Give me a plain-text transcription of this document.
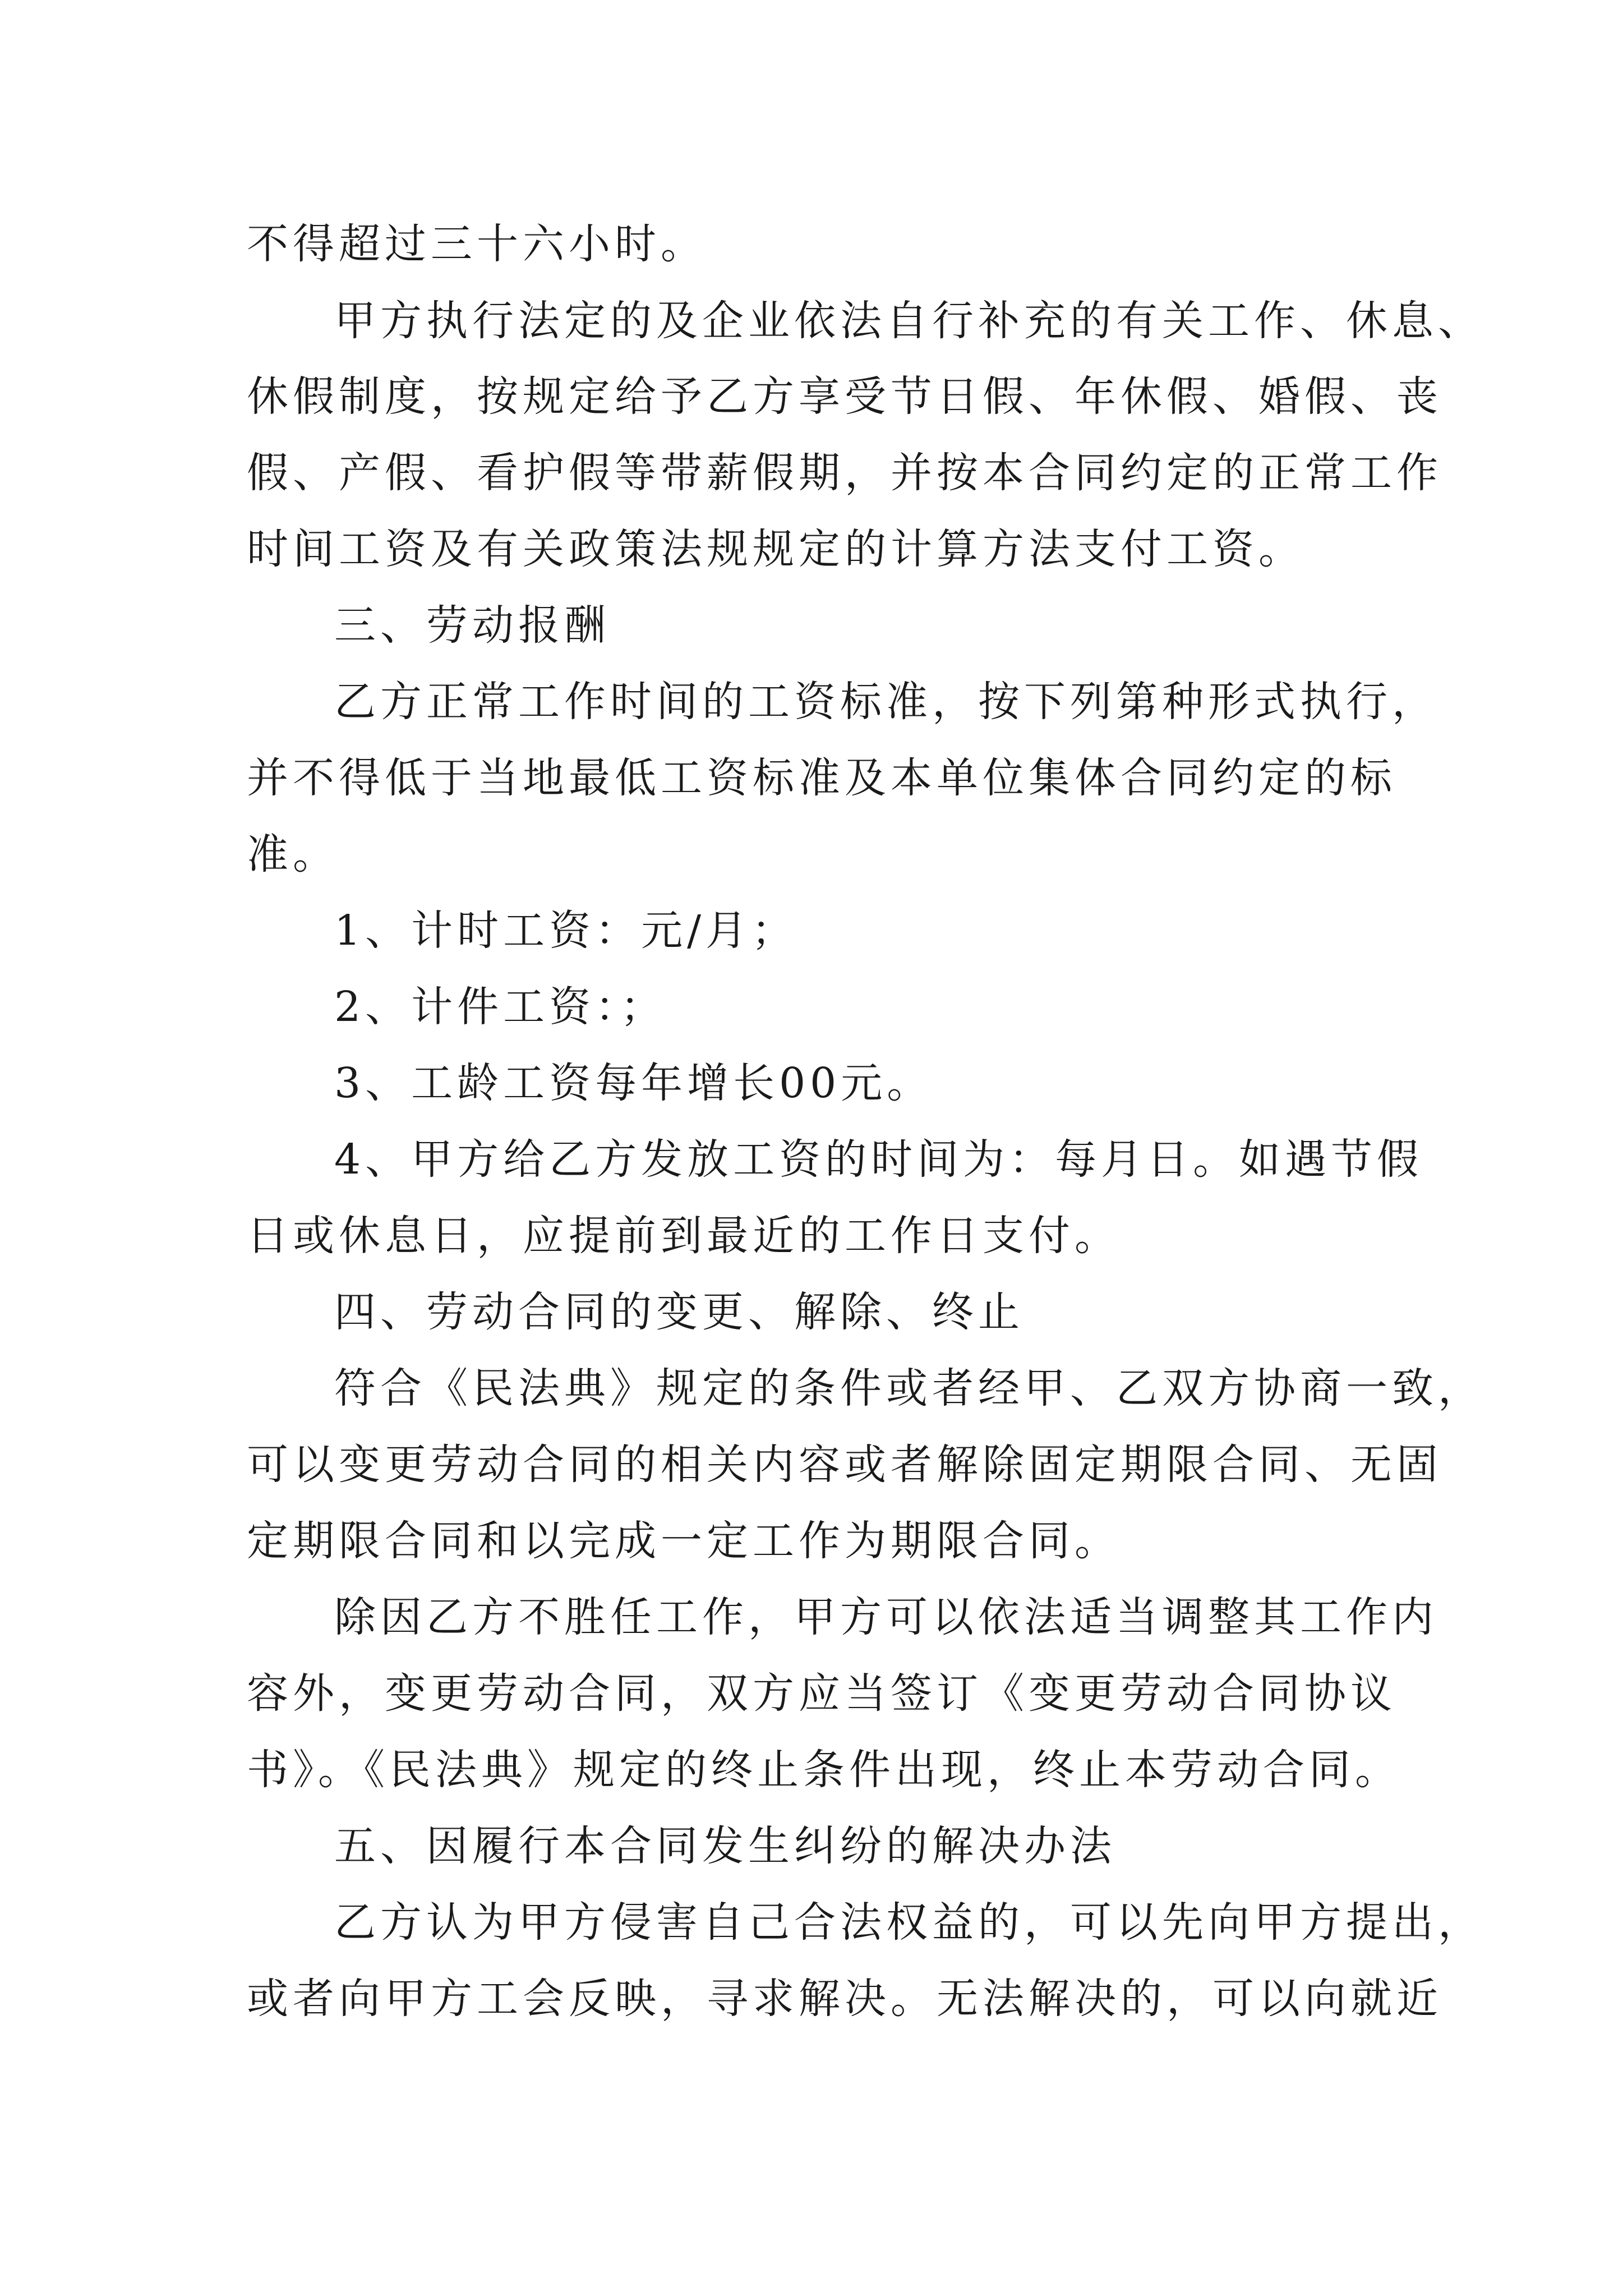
不得超过三十六小时。
甲方执行法定的及企业依法自行补充的有关工作、休息、
休假制度，按规定给予乙方享受节日假、年休假、婚假、丧
假、产假、看护假等带薪假期，并按本合同约定的正常工作
时间工资及有关政策法规规定的计算方法支付工资。
三、劳动报酬
乙方正常工作时间的工资标准，按下列第种形式执行，
并不得低于当地最低工资标准及本单位集体合同约定的标
准。
1、计时工资：元/月；
2、计件工资：；
3、工龄工资每年增长00元。
4、甲方给乙方发放工资的时间为：每月日。如遇节假
日或休息日，应提前到最近的工作日支付。
四、劳动合同的变更、解除、终止
符合《民法典》规定的条件或者经甲、乙双方协商一致，
可以变更劳动合同的相关内容或者解除固定期限合同、无固
定期限合同和以完成一定工作为期限合同。
除因乙方不胜任工作，甲方可以依法适当调整其工作内
容外，变更劳动合同，双方应当签订《变更劳动合同协议
书》。《民法典》规定的终止条件出现，终止本劳动合同。
五、因履行本合同发生纠纷的解决办法
乙方认为甲方侵害自己合法权益的，可以先向甲方提出，
或者向甲方工会反映，寻求解决。无法解决的，可以向就近
